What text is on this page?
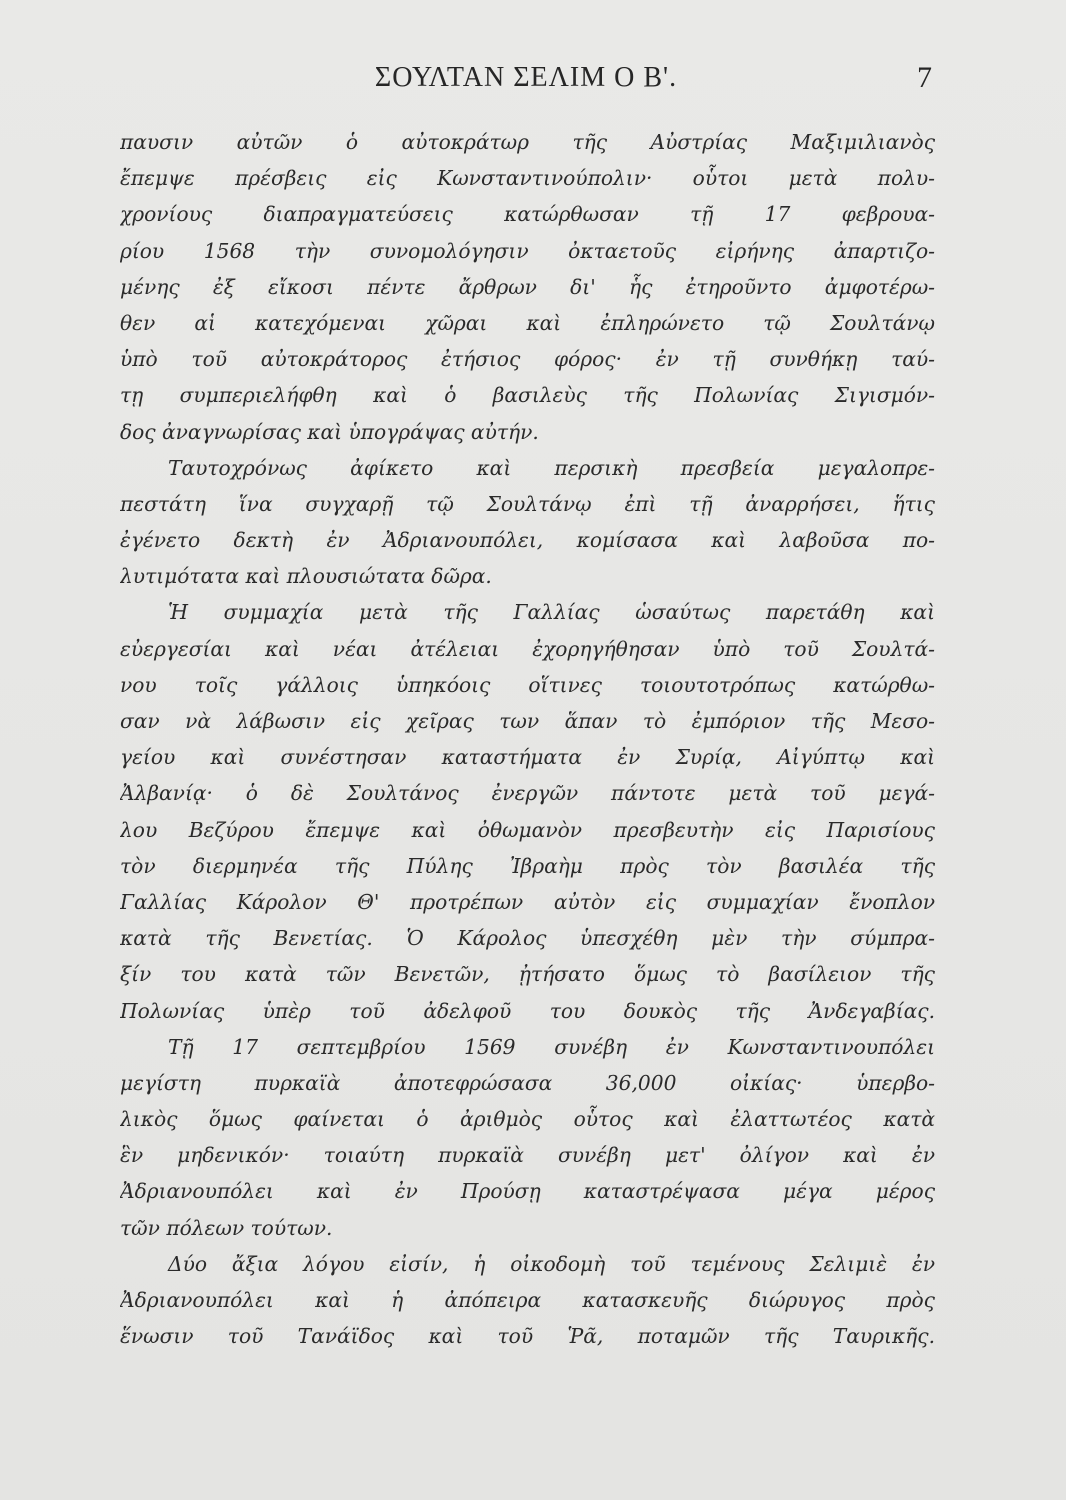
ΣΟΥΛΤΑΝ ΣΕΛΙΜ Ο Β'.	7
παυσιν αὐτῶν ὁ αὐτοκράτωρ τῆς Αὐστρίας Μαξιμιλιανὸς
ἔπεμψε πρέσβεις εἰς Κωνσταντινούπολιν· οὗτοι μετὰ πολυ-
χρονίους διαπραγματεύσεις κατώρθωσαν τῇ 17 φεβρουα-
ρίου 1568 τὴν συνομολόγησιν ὀκταετοῦς εἰρήνης ἀπαρτιζο-
μένης ἐξ εἴκοσι πέντε ἄρθρων δι' ἧς ἐτηροῦντο ἀμφοτέρω-
θεν αἱ κατεχόμεναι χῶραι καὶ ἐπληρώνετο τῷ Σουλτάνῳ
ὑπὸ τοῦ αὐτοκράτορος ἐτήσιος φόρος· ἐν τῇ συνθήκῃ ταύ-
τῃ συμπεριελήφθη καὶ ὁ βασιλεὺς τῆς Πολωνίας Σιγισμόν-
δος ἀναγνωρίσας καὶ ὑπογράψας αὐτήν.
Ταυτοχρόνως ἀφίκετο καὶ περσικὴ πρεσβεία μεγαλοπρε-
πεστάτη ἵνα συγχαρῇ τῷ Σουλτάνῳ ἐπὶ τῇ ἀναρρήσει, ἥτις
ἐγένετο δεκτὴ ἐν Ἀδριανουπόλει, κομίσασα καὶ λαβοῦσα πο-
λυτιμότατα καὶ πλουσιώτατα δῶρα.
Ἡ συμμαχία μετὰ τῆς Γαλλίας ὡσαύτως παρετάθη καὶ
εὐεργεσίαι καὶ νέαι ἀτέλειαι ἐχορηγήθησαν ὑπὸ τοῦ Σουλτά-
νου τοῖς γάλλοις ὑπηκόοις οἵτινες τοιουτοτρόπως κατώρθω-
σαν νὰ λάβωσιν εἰς χεῖρας των ἅπαν τὸ ἐμπόριον τῆς Μεσο-
γείου καὶ συνέστησαν καταστήματα ἐν Συρίᾳ, Αἰγύπτῳ καὶ
Ἀλβανίᾳ· ὁ δὲ Σουλτάνος ἐνεργῶν πάντοτε μετὰ τοῦ μεγά-
λου Βεζύρου ἔπεμψε καὶ ὀθωμανὸν πρεσβευτὴν εἰς Παρισίους
τὸν διερμηνέα τῆς Πύλης Ἰβραὴμ πρὸς τὸν βασιλέα τῆς
Γαλλίας Κάρολον Θ' προτρέπων αὐτὸν εἰς συμμαχίαν ἔνοπλον
κατὰ τῆς Βενετίας. Ὁ Κάρολος ὑπεσχέθη μὲν τὴν σύμπρα-
ξίν του κατὰ τῶν Βενετῶν, ᾐτήσατο ὅμως τὸ βασίλειον τῆς
Πολωνίας ὑπὲρ τοῦ ἀδελφοῦ του δουκὸς τῆς Ἀνδεγαβίας.
Τῇ 17 σεπτεμβρίου 1569 συνέβη ἐν Κωνσταντινουπόλει
μεγίστη πυρκαϊὰ ἀποτεφρώσασα 36,000 οἰκίας· ὑπερβο-
λικὸς ὅμως φαίνεται ὁ ἀριθμὸς οὗτος καὶ ἐλαττωτέος κατὰ
ἓν μηδενικόν· τοιαύτη πυρκαϊὰ συνέβη μετ' ὀλίγον καὶ ἐν
Ἀδριανουπόλει καὶ ἐν Προύσῃ καταστρέψασα μέγα μέρος
τῶν πόλεων τούτων.
Δύο ἄξια λόγου εἰσίν, ἡ οἰκοδομὴ τοῦ τεμένους Σελιμιὲ ἐν
Ἀδριανουπόλει καὶ ἡ ἀπόπειρα κατασκευῆς διώρυγος πρὸς
ἕνωσιν τοῦ Τανάϊδος καὶ τοῦ Ῥᾶ, ποταμῶν τῆς Ταυρικῆς.
